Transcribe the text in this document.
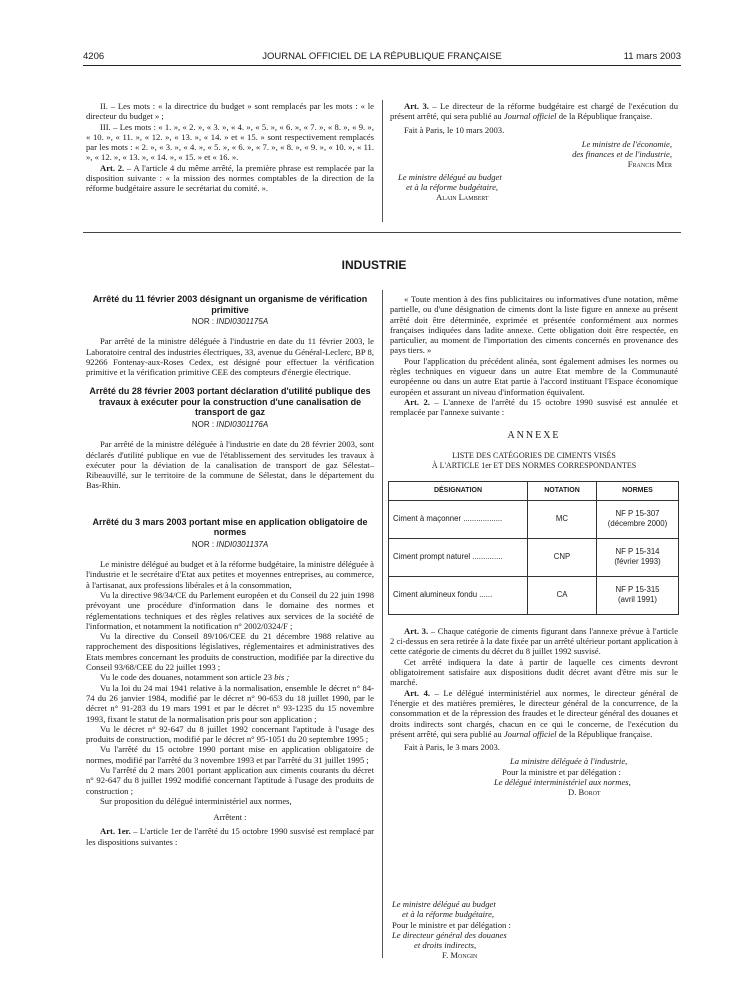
4206	JOURNAL OFFICIEL DE LA RÉPUBLIQUE FRANÇAISE	11 mars 2003

II. – Les mots : « la directrice du budget » sont remplacés par les mots : « le directeur du budget » ;

III. – Les mots : « 1. », « 2. », « 3. », « 4. », « 5. », « 6. », « 7. », « 8. », « 9. », « 10. », « 11. », « 12. », « 13. », « 14. » et « 15. » sont respectivement remplacés par les mots : « 2. », « 3. », « 4. », « 5. », « 6. », « 7. », « 8. », « 9. », « 10. », « 11. », « 12. », « 13. », « 14. », « 15. » et « 16. ».

Art. 2. – A l'article 4 du même arrêté, la première phrase est remplacée par la disposition suivante : « la mission des normes comptables de la direction de la réforme budgétaire assure le secrétariat du comité. ».

Art. 3. – Le directeur de la réforme budgétaire est chargé de l'exécution du présent arrêté, qui sera publié au Journal officiel de la République française.

Fait à Paris, le 10 mars 2003.

Le ministre de l'économie,
des finances et de l'industrie,
Francis Mer
Le ministre délégué au budget
et à la réforme budgétaire,
Alain Lambert
INDUSTRIE

Arrêté du 11 février 2003 désignant un organisme de vérification primitive

NOR : INDI0301175A

Par arrêté de la ministre déléguée à l'industrie en date du 11 février 2003, le Laboratoire central des industries électriques, 33, avenue du Général-Leclerc, BP 8, 92266 Fontenay-aux-Roses Cedex, est désigné pour effectuer la vérification primitive et la vérification primitive CEE des compteurs d'énergie électrique.

Arrêté du 28 février 2003 portant déclaration d'utilité publique des travaux à exécuter pour la construction d'une canalisation de transport de gaz

NOR : INDI0301176A

Par arrêté de la ministre déléguée à l'industrie en date du 28 février 2003, sont déclarés d'utilité publique en vue de l'établissement des servitudes les travaux à exécuter pour la déviation de la canalisation de transport de gaz Sélestat–Ribeauvillé, sur le territoire de la commune de Sélestat, dans le département du Bas-Rhin.

Arrêté du 3 mars 2003 portant mise en application obligatoire de normes

NOR : INDI0301137A

Le ministre délégué au budget et à la réforme budgétaire, la ministre déléguée à l'industrie et le secrétaire d'Etat aux petites et moyennes entreprises, au commerce, à l'artisanat, aux professions libérales et à la consommation,

Vu la directive 98/34/CE du Parlement européen et du Conseil du 22 juin 1998 prévoyant une procédure d'information dans le domaine des normes et réglementations techniques et des règles relatives aux services de la société de l'information, et notamment la notification n° 2002/0324/F ;

Vu la directive du Conseil 89/106/CEE du 21 décembre 1988 relative au rapprochement des dispositions législatives, réglementaires et administratives des Etats membres concernant les produits de construction, modifiée par la directive du Conseil 93/68/CEE du 22 juillet 1993 ;

Vu le code des douanes, notamment son article 23 bis ;

Vu la loi du 24 mai 1941 relative à la normalisation, ensemble le décret n° 84-74 du 26 janvier 1984, modifié par le décret n° 90-653 du 18 juillet 1990, par le décret n° 91-283 du 19 mars 1991 et par le décret n° 93-1235 du 15 novembre 1993, fixant le statut de la normalisation pris pour son application ;

Vu le décret n° 92-647 du 8 juillet 1992 concernant l'aptitude à l'usage des produits de construction, modifié par le décret n° 95-1051 du 20 septembre 1995 ;

Vu l'arrêté du 15 octobre 1990 portant mise en application obligatoire de normes, modifié par l'arrêté du 3 novembre 1993 et par l'arrêté du 31 juillet 1995 ;

Vu l'arrêté du 2 mars 2001 portant application aux ciments courants du décret n° 92-647 du 8 juillet 1992 modifié concernant l'aptitude à l'usage des produits de construction ;

Sur proposition du délégué interministériel aux normes,

Arrêtent :

Art. 1er. – L'article 1er de l'arrêté du 15 octobre 1990 susvisé est remplacé par les dispositions suivantes :

« Toute mention à des fins publicitaires ou informatives d'une notation, même partielle, ou d'une désignation de ciments dont la liste figure en annexe au présent arrêté doit être déterminée, exprimée et présentée conformément aux normes françaises indiquées dans ladite annexe. Cette obligation doit être respectée, en particulier, au moment de l'importation des ciments concernés en provenance des pays tiers. »

Pour l'application du précédent alinéa, sont également admises les normes ou règles techniques en vigueur dans un autre Etat membre de la Communauté européenne ou dans un autre Etat partie à l'accord instituant l'Espace économique européen et assurant un niveau d'information équivalent.

Art. 2. – L'annexe de l'arrêté du 15 octobre 1990 susvisé est annulée et remplacée par l'annexe suivante :

ANNEXE

LISTE DES CATÉGORIES DE CIMENTS VISÉS

À L'ARTICLE 1er ET DES NORMES CORRESPONDANTES

DÉSIGNATION	NOTATION	NORMES
Ciment à maçonner ..................	MC	NF P 15-307
(décembre 2000)
Ciment prompt naturel ..............	CNP	NF P 15-314
(février 1993)
Ciment alumineux fondu ......	CA	NF P 15-315
(avril 1991)

Art. 3. – Chaque catégorie de ciments figurant dans l'annexe prévue à l'article 2 ci-dessus en sera retirée à la date fixée par un arrêté ultérieur portant application à cette catégorie de ciments du décret du 8 juillet 1992 susvisé.

Cet arrêté indiquera la date à partir de laquelle ces ciments devront obligatoirement satisfaire aux dispositions dudit décret avant d'être mis sur le marché.

Art. 4. – Le délégué interministériel aux normes, le directeur général de l'énergie et des matières premières, le directeur général de la concurrence, de la consommation et de la répression des fraudes et le directeur général des douanes et droits indirects sont chargés, chacun en ce qui le concerne, de l'exécution du présent arrêté, qui sera publié au Journal officiel de la République française.

Fait à Paris, le 3 mars 2003.

La ministre déléguée à l'industrie,
Pour la ministre et par délégation :
Le délégué interministériel aux normes,
D. Borot
Le ministre délégué au budget
et à la réforme budgétaire,
Pour le ministre et par délégation :
Le directeur général des douanes
et droits indirects,
F. Mongin
